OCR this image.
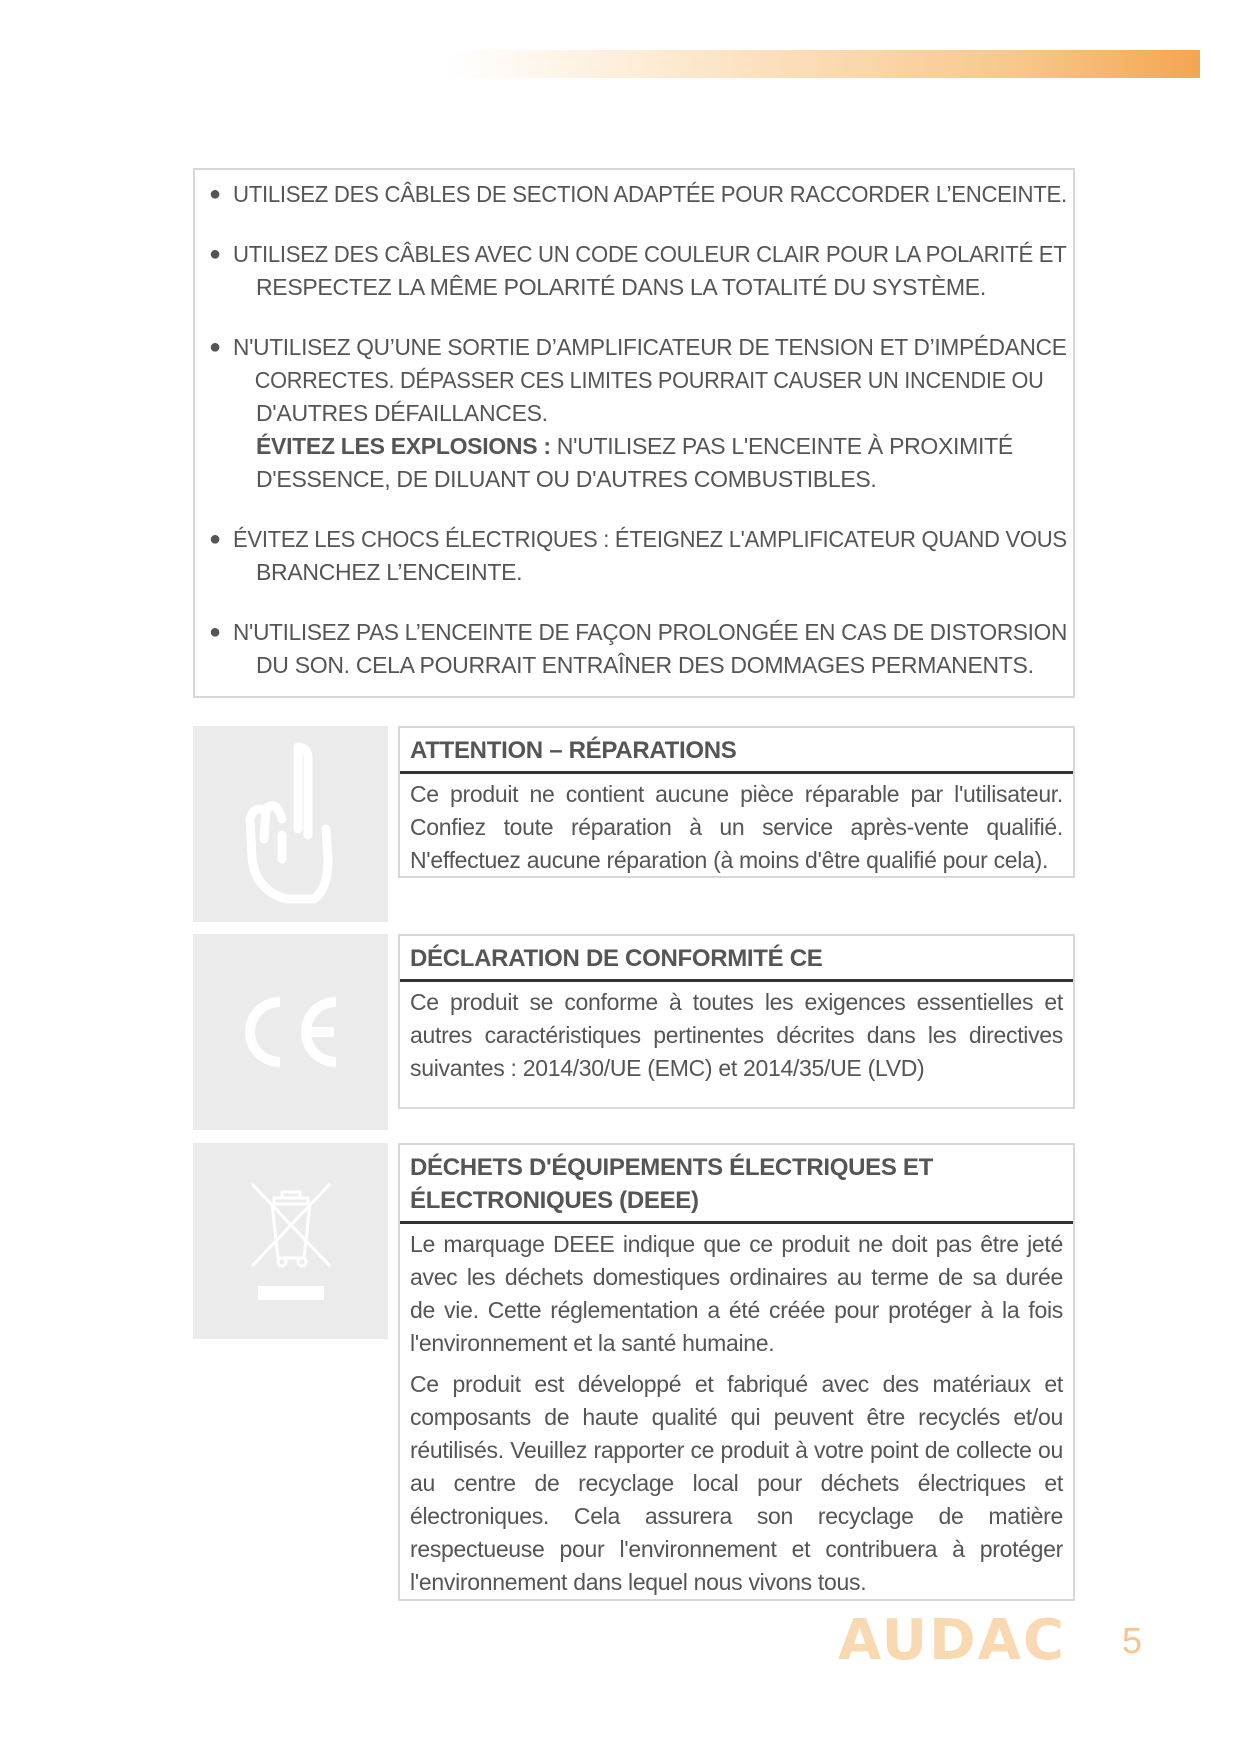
● UTILISEZ DES CÂBLES DE SECTION ADAPTÉE POUR RACCORDER L’ENCEINTE.
● UTILISEZ DES CÂBLES AVEC UN CODE COULEUR CLAIR POUR LA POLARITÉ ET
RESPECTEZ LA MÊME POLARITÉ DANS LA TOTALITÉ DU SYSTÈME.
● N'UTILISEZ QU’UNE SORTIE D’AMPLIFICATEUR DE TENSION ET D’IMPÉDANCE
CORRECTES. DÉPASSER CES LIMITES POURRAIT CAUSER UN INCENDIE OU
D'AUTRES DÉFAILLANCES.
ÉVITEZ LES EXPLOSIONS : N'UTILISEZ PAS L'ENCEINTE À PROXIMITÉ
D'ESSENCE, DE DILUANT OU D'AUTRES COMBUSTIBLES.
● ÉVITEZ LES CHOCS ÉLECTRIQUES : ÉTEIGNEZ L'AMPLIFICATEUR QUAND VOUS
BRANCHEZ L’ENCEINTE.
● N'UTILISEZ PAS L’ENCEINTE DE FAÇON PROLONGÉE EN CAS DE DISTORSION
DU SON. CELA POURRAIT ENTRAÎNER DES DOMMAGES PERMANENTS.
ATTENTION – RÉPARATIONS
Ce produit ne contient aucune pièce réparable par l'utilisateur. Confiez toute réparation à un service après-vente qualifié. N'effectuez aucune réparation (à moins d'être qualifié pour cela).
DÉCLARATION DE CONFORMITÉ CE
Ce produit se conforme à toutes les exigences essentielles et autres caractéristiques pertinentes décrites dans les directives suivantes : 2014/30/UE (EMC) et 2014/35/UE (LVD)
DÉCHETS D'ÉQUIPEMENTS ÉLECTRIQUES ET ÉLECTRONIQUES (DEEE)

Le marquage DEEE indique que ce produit ne doit pas être jeté avec les déchets domestiques ordinaires au terme de sa durée de vie. Cette réglementation a été créée pour protéger à la fois l'environnement et la santé humaine.

Ce produit est développé et fabriqué avec des matériaux et composants de haute qualité qui peuvent être recyclés et/ou réutilisés. Veuillez rapporter ce produit à votre point de collecte ou au centre de recyclage local pour déchets électriques et électroniques. Cela assurera son recyclage de matière respectueuse pour l'environnement et contribuera à protéger l'environnement dans lequel nous vivons tous.

AUDAC 5
